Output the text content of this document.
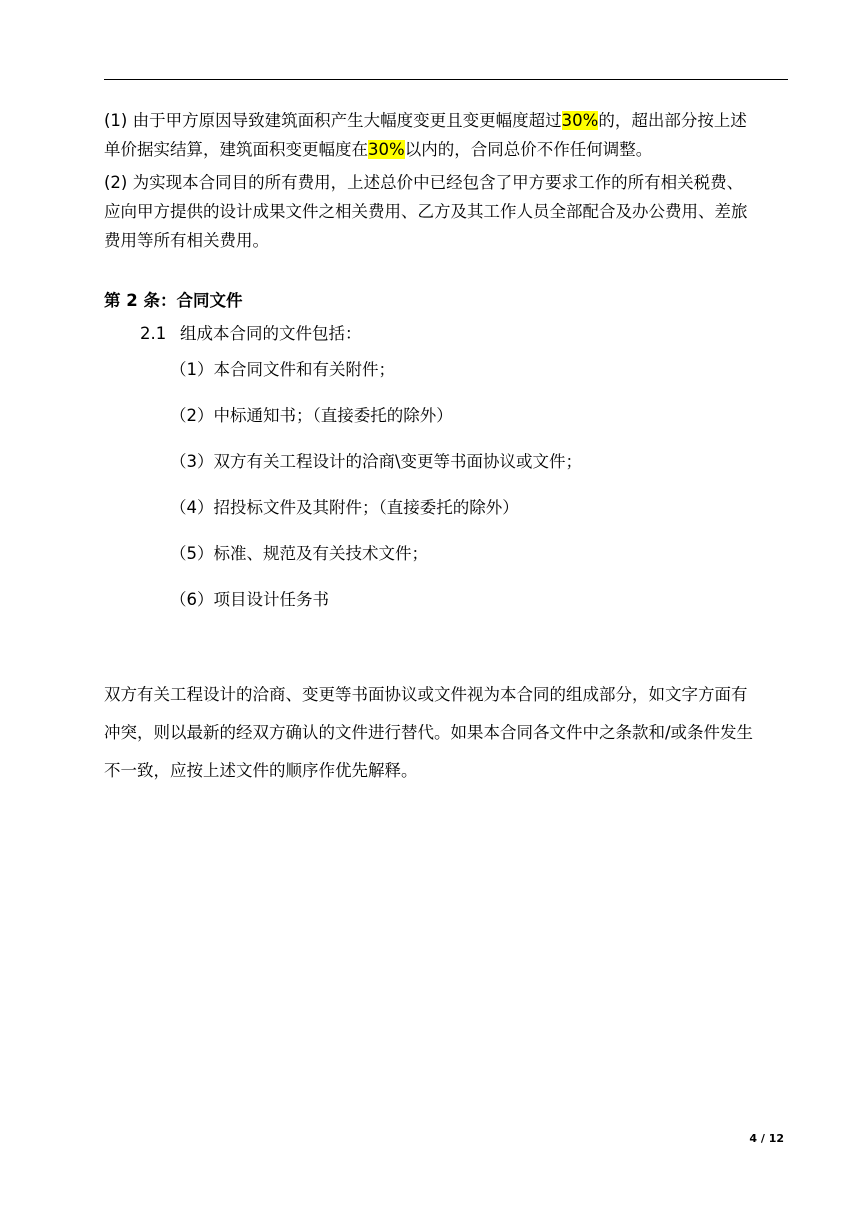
(1) 由于甲方原因导致建筑面积产生大幅度变更且变更幅度超过30%的，超出部分按上述
单价据实结算，建筑面积变更幅度在30%以内的，合同总价不作任何调整。
(2) 为实现本合同目的所有费用，上述总价中已经包含了甲方要求工作的所有相关税费、
应向甲方提供的设计成果文件之相关费用、乙方及其工作人员全部配合及办公费用、差旅
费用等所有相关费用。
第 2 条：合同文件
2.1 组成本合同的文件包括：
（1）本合同文件和有关附件；
（2）中标通知书；（直接委托的除外）
（3）双方有关工程设计的洽商\变更等书面协议或文件；
（4）招投标文件及其附件；（直接委托的除外）
（5）标准、规范及有关技术文件；
（6）项目设计任务书
双方有关工程设计的洽商、变更等书面协议或文件视为本合同的组成部分，如文字方面有
冲突，则以最新的经双方确认的文件进行替代。如果本合同各文件中之条款和/或条件发生
不一致，应按上述文件的顺序作优先解释。
4 / 12
